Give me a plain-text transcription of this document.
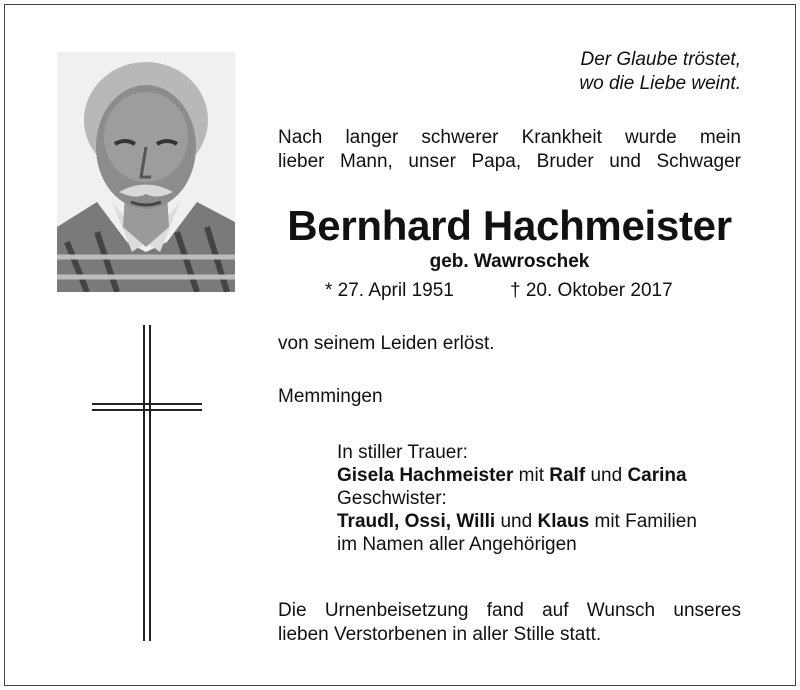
Der Glaube tröstet,
wo die Liebe weint.

Nach langer schwerer Krankheit wurde mein

lieber Mann, unser Papa, Bruder und Schwager

Bernhard Hachmeister
geb. Wawroschek
* 27. April 1951	† 20. Oktober 2017
von seinem Leiden erlöst.
Memmingen
In stiller Trauer:
Gisela Hachmeister mit Ralf und Carina
Geschwister:
Traudl, Ossi, Willi und Klaus mit Familien
im Namen aller Angehörigen

Die Urnenbeisetzung fand auf Wunsch unseres

lieben Verstorbenen in aller Stille statt.
